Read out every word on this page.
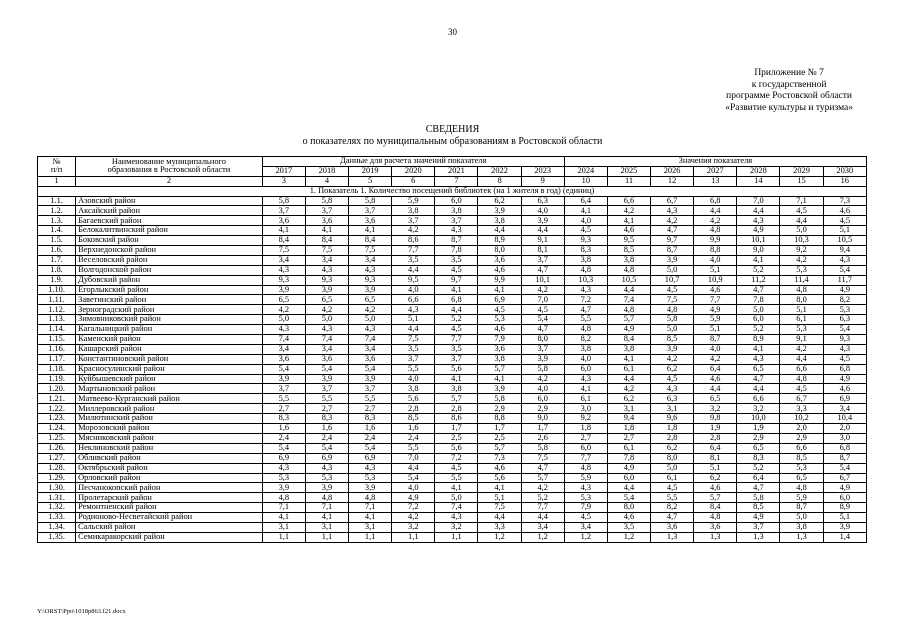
30
Приложение № 7
к государственной
программе Ростовской области
«Развитие культуры и туризма»
СВЕДЕНИЯ
о показателях по муниципальным образованиям в Ростовской области
№
п/п	Наименование муниципального
образования в Ростовской области	Данные для расчета значений показателя							Значения показателя						
		2017	2018	2019	2020	2021	2022	2023	2024	2025	2026	2027	2028	2029	2030
1	2	3	4	5	6	7	8	9	10	11	12	13	14	15	16
1. Показатель 1. Количество посещений библиотек (на 1 жителя в год) (единиц)															
1.1.	Азовский район	5,8	5,8	5,8	5,9	6,0	6,2	6,3	6,4	6,6	6,7	6,8	7,0	7,1	7,3
1.2.	Аксайский район	3,7	3,7	3,7	3,8	3,8	3,9	4,0	4,1	4,2	4,3	4,4	4,4	4,5	4,6
1.3.	Багаевский район	3,6	3,6	3,6	3,7	3,7	3,8	3,9	4,0	4,1	4,2	4,2	4,3	4,4	4,5
1.4.	Белокалитвинский район	4,1	4,1	4,1	4,2	4,3	4,4	4,4	4,5	4,6	4,7	4,8	4,9	5,0	5,1
1.5.	Боковский район	8,4	8,4	8,4	8,6	8,7	8,9	9,1	9,3	9,5	9,7	9,9	10,1	10,3	10,5
1.6.	Верхнедонской район	7,5	7,5	7,5	7,7	7,8	8,0	8,1	8,3	8,5	8,7	8,8	9,0	9,2	9,4
1.7.	Веселовский район	3,4	3,4	3,4	3,5	3,5	3,6	3,7	3,8	3,8	3,9	4,0	4,1	4,2	4,3
1.8.	Волгодонской район	4,3	4,3	4,3	4,4	4,5	4,6	4,7	4,8	4,8	5,0	5,1	5,2	5,3	5,4
1.9.	Дубовский район	9,3	9,3	9,3	9,5	9,7	9,9	10,1	10,3	10,5	10,7	10,9	11,2	11,4	11,7
1.10.	Егорлыкский район	3,9	3,9	3,9	4,0	4,1	4,1	4,2	4,3	4,4	4,5	4,6	4,7	4,8	4,9
1.11.	Заветинский район	6,5	6,5	6,5	6,6	6,8	6,9	7,0	7,2	7,4	7,5	7,7	7,8	8,0	8,2
1.12.	Зерноградский район	4,2	4,2	4,2	4,3	4,4	4,5	4,5	4,7	4,8	4,8	4,9	5,0	5,1	5,3
1.13.	Зимовниковский район	5,0	5,0	5,0	5,1	5,2	5,3	5,4	5,5	5,7	5,8	5,9	6,0	6,1	6,3
1.14.	Кагальницкий район	4,3	4,3	4,3	4,4	4,5	4,6	4,7	4,8	4,9	5,0	5,1	5,2	5,3	5,4
1.15.	Каменский район	7,4	7,4	7,4	7,5	7,7	7,9	8,0	8,2	8,4	8,5	8,7	8,9	9,1	9,3
1.16.	Кашарский район	3,4	3,4	3,4	3,5	3,5	3,6	3,7	3,8	3,8	3,9	4,0	4,1	4,2	4,3
1.17.	Константиновский район	3,6	3,6	3,6	3,7	3,7	3,8	3,9	4,0	4,1	4,2	4,2	4,3	4,4	4,5
1.18.	Красносулинский район	5,4	5,4	5,4	5,5	5,6	5,7	5,8	6,0	6,1	6,2	6,4	6,5	6,6	6,8
1.19.	Куйбышевский район	3,9	3,9	3,9	4,0	4,1	4,1	4,2	4,3	4,4	4,5	4,6	4,7	4,8	4,9
1.20.	Мартыновский район	3,7	3,7	3,7	3,8	3,8	3,9	4,0	4,1	4,2	4,3	4,4	4,4	4,5	4,6
1.21.	Матвеево-Курганский район	5,5	5,5	5,5	5,6	5,7	5,8	6,0	6,1	6,2	6,3	6,5	6,6	6,7	6,9
1.22.	Миллеровский район	2,7	2,7	2,7	2,8	2,8	2,9	2,9	3,0	3,1	3,1	3,2	3,2	3,3	3,4
1.23.	Милютинский район	8,3	8,3	8,3	8,5	8,6	8,8	9,0	9,2	9,4	9,6	9,8	10,0	10,2	10,4
1.24.	Морозовский район	1,6	1,6	1,6	1,6	1,7	1,7	1,7	1,8	1,8	1,8	1,9	1,9	2,0	2,0
1.25.	Мясниковский район	2,4	2,4	2,4	2,4	2,5	2,5	2,6	2,7	2,7	2,8	2,8	2,9	2,9	3,0
1.26.	Неклиновский район	5,4	5,4	5,4	5,5	5,6	5,7	5,8	6,0	6,1	6,2	6,4	6,5	6,6	6,8
1.27.	Обливский район	6,9	6,9	6,9	7,0	7,2	7,3	7,5	7,7	7,8	8,0	8,1	8,3	8,5	8,7
1.28.	Октябрьский район	4,3	4,3	4,3	4,4	4,5	4,6	4,7	4,8	4,9	5,0	5,1	5,2	5,3	5,4
1.29.	Орловский район	5,3	5,3	5,3	5,4	5,5	5,6	5,7	5,9	6,0	6,1	6,2	6,4	6,5	6,7
1.30.	Песчанокопский район	3,9	3,9	3,9	4,0	4,1	4,1	4,2	4,3	4,4	4,5	4,6	4,7	4,8	4,9
1.31.	Пролетарский район	4,8	4,8	4,8	4,9	5,0	5,1	5,2	5,3	5,4	5,5	5,7	5,8	5,9	6,0
1.32.	Ремонтненский район	7,1	7,1	7,1	7,2	7,4	7,5	7,7	7,9	8,0	8,2	8,4	8,5	8,7	8,9
1.33.	Родионово-Несветайский район	4,1	4,1	4,1	4,2	4,3	4,4	4,4	4,5	4,6	4,7	4,8	4,9	5,0	5,1
1.34.	Сальский район	3,1	3,1	3,1	3,2	3,2	3,3	3,4	3,4	3,5	3,6	3,6	3,7	3,8	3,9
1.35.	Семикаракорский район	1,1	1,1	1,1	1,1	1,1	1,2	1,2	1,2	1,2	1,3	1,3	1,3	1,3	1,4
Y:\ORST\Ppo\1018p863.f21.docx
